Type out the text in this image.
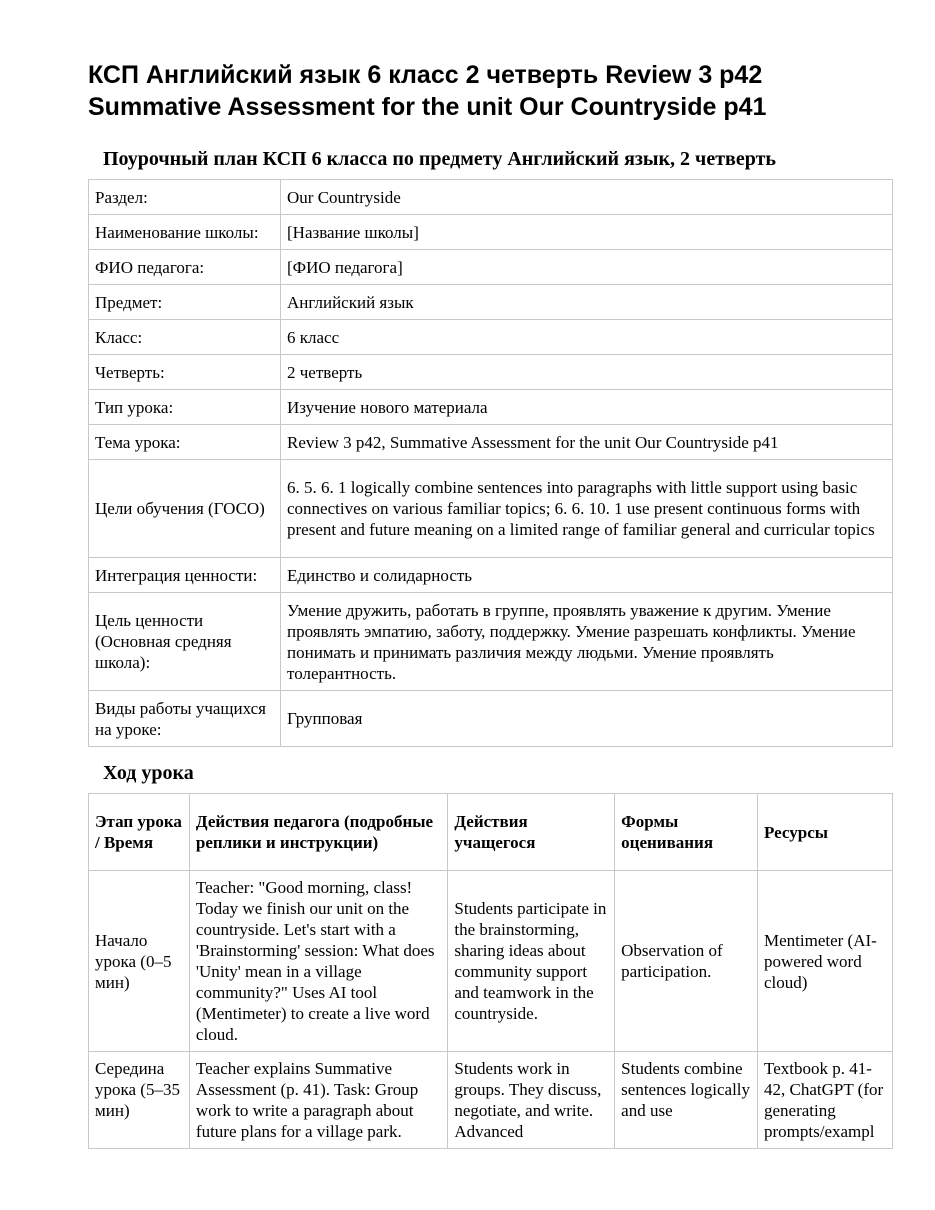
КСП Английский язык 6 класс 2 четверть Review 3 p42
Summative Assessment for the unit Our Countryside p41
Поурочный план КСП 6 класса по предмету Английский язык, 2 четверть
Раздел:	Our Countryside
Наименование школы:	[Название школы]
ФИО педагога:	[ФИО педагога]
Предмет:	Английский язык
Класс:	6 класс
Четверть:	2 четверть
Тип урока:	Изучение нового материала
Тема урока:	Review 3 p42, Summative Assessment for the unit Our Countryside p41
Цели обучения (ГОСО)	6. 5. 6. 1 logically combine sentences into paragraphs with little support using basic connectives on various familiar topics; 6. 6. 10. 1 use present continuous forms with present and future meaning on a limited range of familiar general and curricular topics
Интеграция ценности:	Единство и солидарность
Цель ценности (Основная средняя школа):	Умение дружить, работать в группе, проявлять уважение к другим. Умение проявлять эмпатию, заботу, поддержку. Умение разрешать конфликты. Умение понимать и принимать различия между людьми. Умение проявлять толерантность.
Виды работы учащихся на уроке:	Групповая
Ход урока
Этап урока / Время	Действия педагога (подробные реплики и инструкции)	Действия учащегося	Формы оценивания	Ресурсы
Начало урока (0–5 мин)	Teacher: "Good morning, class! Today we finish our unit on the countryside. Let's start with a 'Brainstorming' session: What does 'Unity' mean in a village community?" Uses AI tool (Mentimeter) to create a live word cloud.	Students participate in the brainstorming, sharing ideas about community support and teamwork in the countryside.	Observation of participation.	Mentimeter (AI-powered word cloud)

Середина урока (5–35 мин)	Teacher explains Summative Assessment (p. 41). Task: Group work to write a paragraph about future plans for a village park.	Students work in groups. They discuss, negotiate, and write. Advanced	Students combine sentences logically and use	Textbook p. 41-42, ChatGPT (for generating prompts/exampl
